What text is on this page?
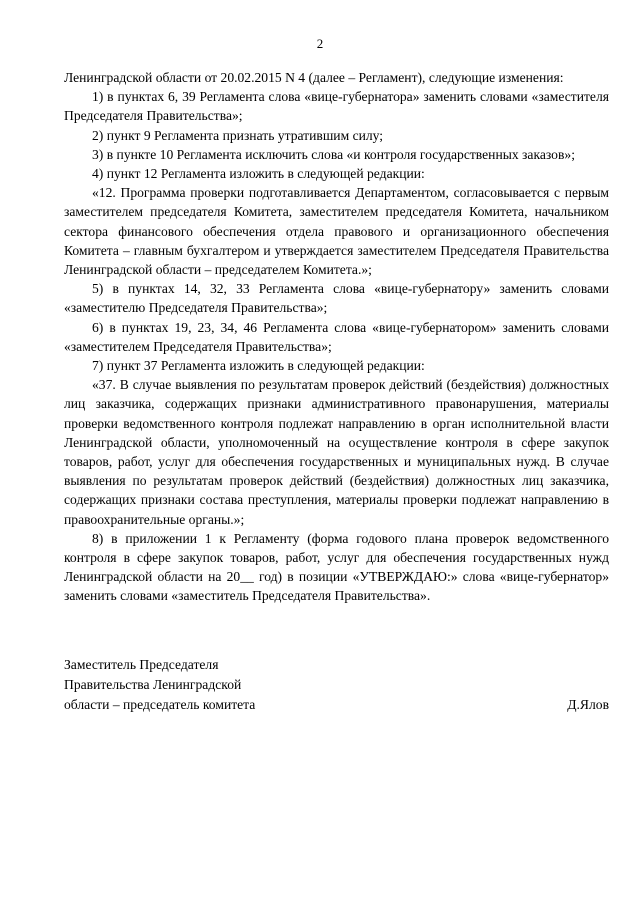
2

Ленинградской области от 20.02.2015 N 4 (далее – Регламент), следующие изменения:

1) в пунктах 6, 39 Регламента слова «вице-губернатора» заменить словами «заместителя Председателя Правительства»;

2) пункт 9 Регламента признать утратившим силу;

3) в пункте 10 Регламента исключить слова «и контроля государственных заказов»;

4) пункт 12 Регламента изложить в следующей редакции:

«12. Программа проверки подготавливается Департаментом, согласовывается с первым заместителем председателя Комитета, заместителем председателя Комитета, начальником сектора финансового обеспечения отдела правового и организационного обеспечения Комитета – главным бухгалтером и утверждается заместителем Председателя Правительства Ленинградской области – председателем Комитета.»;

5) в пунктах 14, 32, 33 Регламента слова «вице-губернатору» заменить словами «заместителю Председателя Правительства»;

6) в пунктах 19, 23, 34, 46 Регламента слова «вице-губернатором» заменить словами «заместителем Председателя Правительства»;

7) пункт 37 Регламента изложить в следующей редакции:

«37. В случае выявления по результатам проверок действий (бездействия) должностных лиц заказчика, содержащих признаки административного правонарушения, материалы проверки ведомственного контроля подлежат направлению в орган исполнительной власти Ленинградской области, уполномоченный на осуществление контроля в сфере закупок товаров, работ, услуг для обеспечения государственных и муниципальных нужд. В случае выявления по результатам проверок действий (бездействия) должностных лиц заказчика, содержащих признаки состава преступления, материалы проверки подлежат направлению в правоохранительные органы.»;

8) в приложении 1 к Регламенту (форма годового плана проверок ведомственного контроля в сфере закупок товаров, работ, услуг для обеспечения государственных нужд Ленинградской области на 20__ год) в позиции «УТВЕРЖДАЮ:» слова «вице-губернатор» заменить словами «заместитель Председателя Правительства».

Заместитель Председателя
Правительства Ленинградской
области – председатель комитета	Д.Ялов
